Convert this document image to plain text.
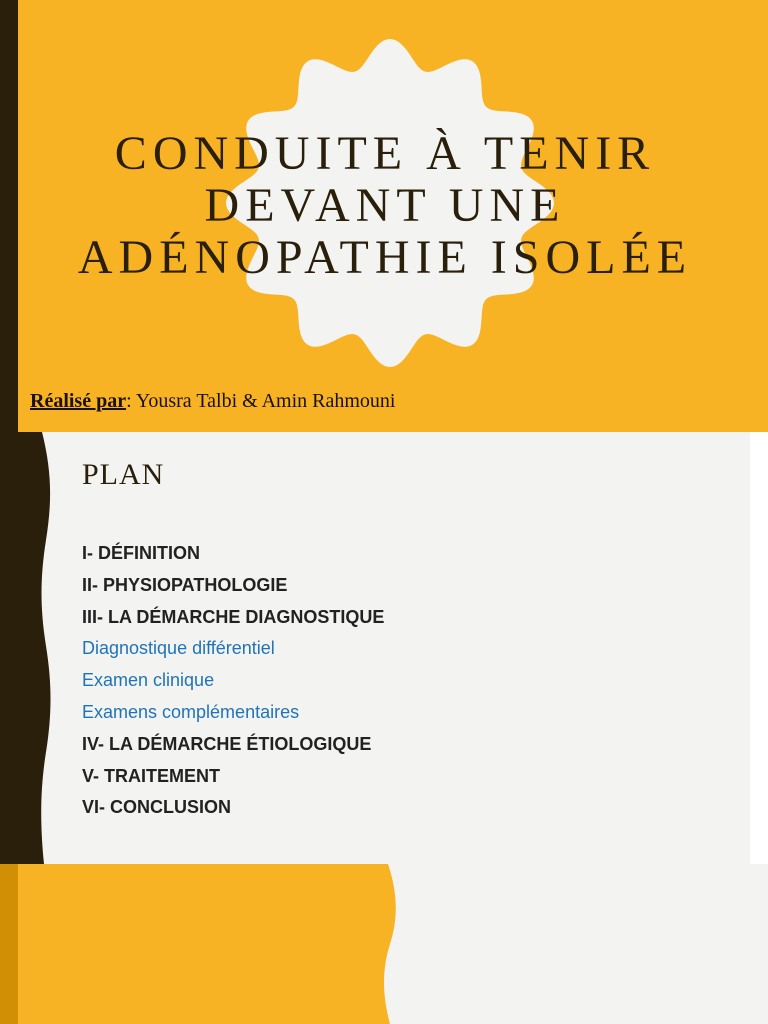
CONDUITE À TENIR
DEVANT UNE
ADÉNOPATHIE ISOLÉE

Réalisé par: Yousra Talbi & Amin Rahmouni

PLAN
I- DÉFINITION
II- PHYSIOPATHOLOGIE
III- LA DÉMARCHE DIAGNOSTIQUE
Diagnostique différentiel
Examen clinique
Examens complémentaires
IV- LA DÉMARCHE ÉTIOLOGIQUE
V- TRAITEMENT
VI- CONCLUSION
